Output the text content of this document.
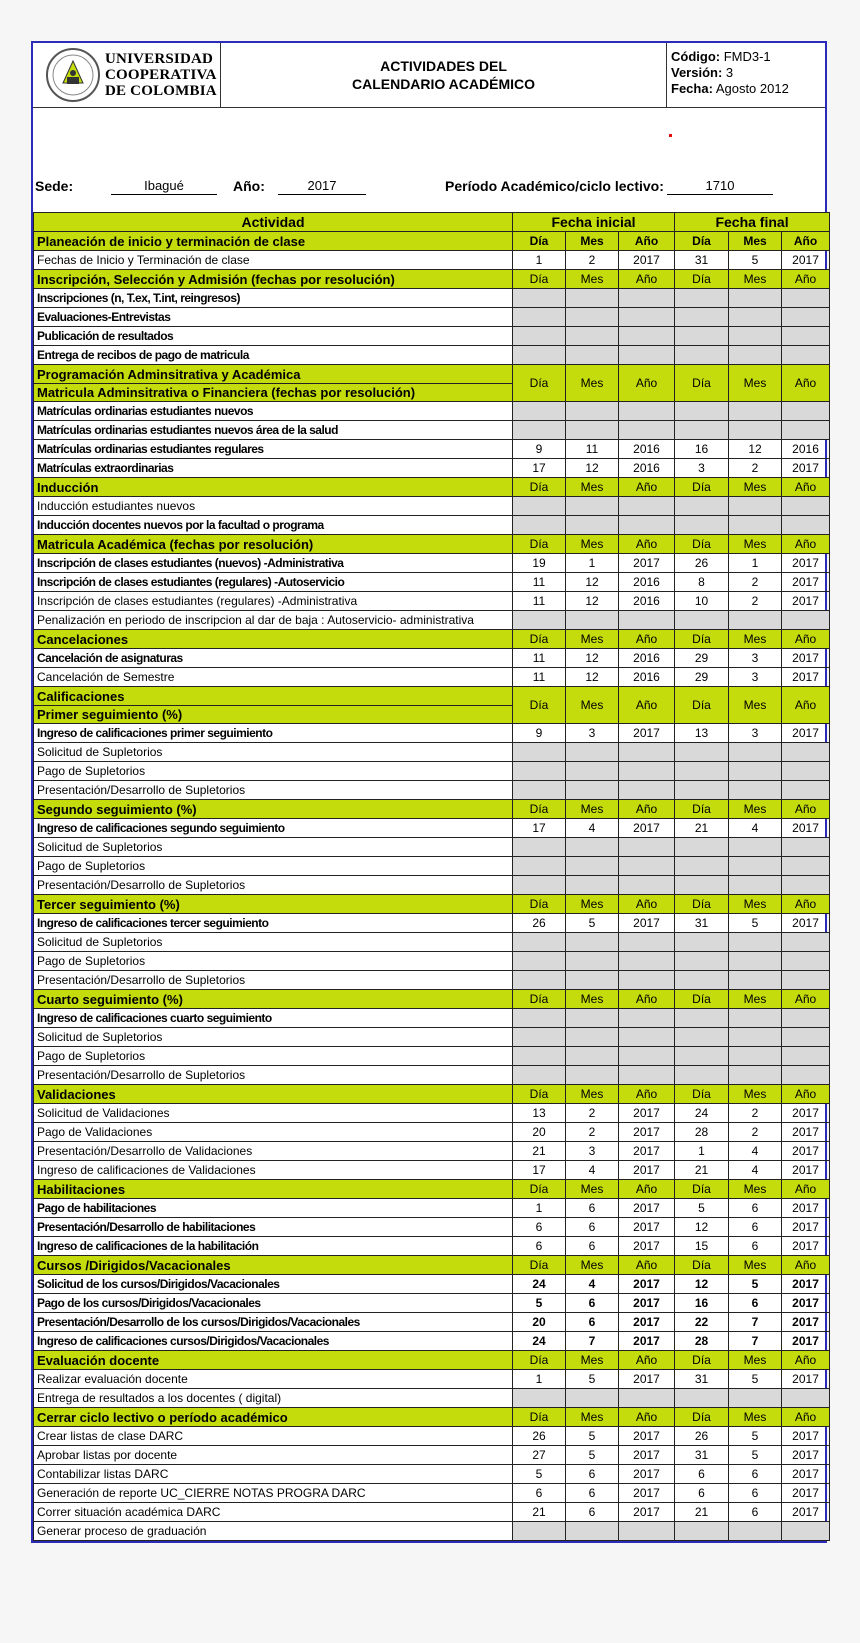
UNIVERSIDAD
COOPERATIVA
DE COLOMBIA
ACTIVIDADES DEL
CALENDARIO ACADÉMICO
Código: FMD3-1
Versión: 3
Fecha: Agosto 2012
Sede:	Ibagué	Año:	2017	Período Académico/ciclo lectivo:	1710
Actividad	Fecha inicial			Fecha final		
Planeación de inicio y terminación de clase	Día	Mes	Año	Día	Mes	Año
Fechas de Inicio y Terminación de clase	1	2	2017	31	5	2017
Inscripción, Selección y Admisión (fechas por resolución)	Día	Mes	Año	Día	Mes	Año
Inscripciones (n, T.ex, T.int, reingresos)						
Evaluaciones-Entrevistas						
Publicación de resultados						
Entrega de recibos de pago de matricula						

Programación Adminsitrativa y Académica
Matricula Adminsitrativa o Financiera (fechas por resolución)	Día	Mes	Año	Día	Mes	Año
Matrículas ordinarias estudiantes nuevos						
Matrículas ordinarias estudiantes nuevos área de la salud						
Matrículas ordinarias estudiantes regulares	9	11	2016	16	12	2016
Matrículas extraordinarias	17	12	2016	3	2	2017
Inducción	Día	Mes	Año	Día	Mes	Año
Inducción estudiantes nuevos						
Inducción docentes nuevos por la facultad o programa						
Matricula Académica (fechas por resolución)	Día	Mes	Año	Día	Mes	Año
Inscripción de clases estudiantes (nuevos) -Administrativa	19	1	2017	26	1	2017
Inscripción de clases estudiantes (regulares) -Autoservicio	11	12	2016	8	2	2017
Inscripción de clases estudiantes (regulares) -Administrativa	11	12	2016	10	2	2017
Penalización en periodo de inscripcion al dar de baja : Autoservicio- administrativa						
Cancelaciones	Día	Mes	Año	Día	Mes	Año
Cancelación de asignaturas	11	12	2016	29	3	2017
Cancelación de Semestre	11	12	2016	29	3	2017

Calificaciones
Primer seguimiento (%)	Día	Mes	Año	Día	Mes	Año
Ingreso de calificaciones primer seguimiento	9	3	2017	13	3	2017
Solicitud de Supletorios						
Pago de Supletorios						
Presentación/Desarrollo de Supletorios						
Segundo seguimiento (%)	Día	Mes	Año	Día	Mes	Año
Ingreso de calificaciones segundo seguimiento	17	4	2017	21	4	2017
Solicitud de Supletorios						
Pago de Supletorios						
Presentación/Desarrollo de Supletorios						
Tercer seguimiento (%)	Día	Mes	Año	Día	Mes	Año
Ingreso de calificaciones tercer seguimiento	26	5	2017	31	5	2017
Solicitud de Supletorios						
Pago de Supletorios						
Presentación/Desarrollo de Supletorios						
Cuarto seguimiento (%)	Día	Mes	Año	Día	Mes	Año
Ingreso de calificaciones cuarto seguimiento						
Solicitud de Supletorios						
Pago de Supletorios						
Presentación/Desarrollo de Supletorios						
Validaciones	Día	Mes	Año	Día	Mes	Año
Solicitud de Validaciones	13	2	2017	24	2	2017
Pago de Validaciones	20	2	2017	28	2	2017
Presentación/Desarrollo de Validaciones	21	3	2017	1	4	2017
Ingreso de calificaciones de Validaciones	17	4	2017	21	4	2017
Habilitaciones	Día	Mes	Año	Día	Mes	Año
Pago de habilitaciones	1	6	2017	5	6	2017
Presentación/Desarrollo de habilitaciones	6	6	2017	12	6	2017
Ingreso de calificaciones de la habilitación	6	6	2017	15	6	2017
Cursos /Dirigidos/Vacacionales	Día	Mes	Año	Día	Mes	Año
Solicitud de los cursos/Dirigidos/Vacacionales	24	4	2017	12	5	2017
Pago de los cursos/Dirigidos/Vacacionales	5	6	2017	16	6	2017
Presentación/Desarrollo de los cursos/Dirigidos/Vacacionales	20	6	2017	22	7	2017
Ingreso de calificaciones cursos/Dirigidos/Vacacionales	24	7	2017	28	7	2017
Evaluación docente	Día	Mes	Año	Día	Mes	Año
Realizar evaluación docente	1	5	2017	31	5	2017
Entrega de resultados a los docentes ( digital)						
Cerrar ciclo lectivo o período académico	Día	Mes	Año	Día	Mes	Año
Crear listas de clase DARC	26	5	2017	26	5	2017
Aprobar listas por docente	27	5	2017	31	5	2017
Contabilizar listas DARC	5	6	2017	6	6	2017
Generación de reporte UC_CIERRE NOTAS PROGRA DARC	6	6	2017	6	6	2017
Correr situación académica DARC	21	6	2017	21	6	2017
Generar proceso de graduación						
